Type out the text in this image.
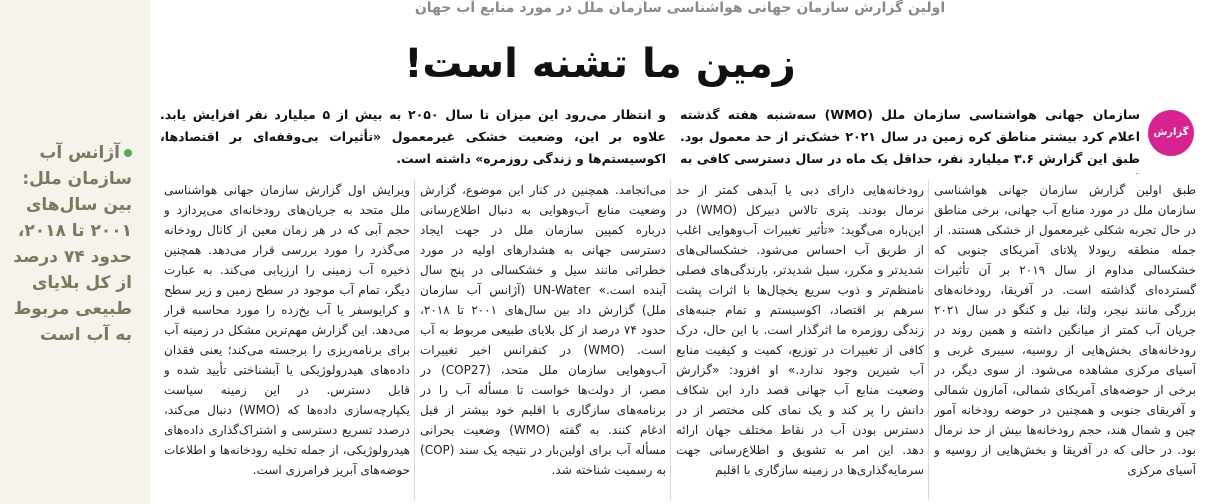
آژانس آب سازمان ملل: بین سال‌های ۲۰۰۱ تا ۲۰۱۸، حدود ۷۴ درصد از کل بلایای طبیعی مربوط به آب است
اولین گزارش سازمان جهانی هواشناسی سازمان ملل در مورد منابع آب جهان
زمین ما تشنه است!
گزارش
سازمان جهانی هواشناسی سازمان ملل (WMO) سه‌شنبه هفته گذشته اعلام کرد بیشتر مناطق کره زمین در سال ۲۰۲۱ خشک‌تر از حد معمول بود. طبق این گزارش ۳.۶ میلیارد نفر، حداقل یک ماه در سال دسترسی کافی به
و انتظار می‌رود این میزان تا سال ۲۰۵۰ به بیش از ۵ میلیارد نفر افزایش یابد. علاوه بر این، وضعیت خشکی غیرمعمول «تأثیرات بی‌وقفه‌ای بر اقتصادها، اکوسیستم‌ها و زندگی روزمره» داشته است.
طبق اولین گزارش سازمان جهانی هواشناسی سازمان ملل در مورد منابع آب جهانی، برخی مناطق در حال تجربه شکلی غیرمعمول از خشکی هستند. از جمله منطقه ریودلا پلاتای آمریکای جنوبی که خشکسالی مداوم از سال ۲۰۱۹ بر آن تأثیرات گسترده‌ای گذاشته است. در آفریقا، رودخانه‌های بزرگی مانند نیجر، ولتا، نیل و کنگو در سال ۲۰۲۱ جریان آب کمتر از میانگین داشته و همین روند در رودخانه‌های بخش‌هایی از روسیه، سیبری غربی و آسیای مرکزی مشاهده می‌شود. از سوی دیگر، در برخی از حوضه‌های آمریکای شمالی، آمازون شمالی و آفریقای جنوبی و همچنین در حوضه رودخانه آمور چین و شمال هند، حجم رودخانه‌ها بیش از حد نرمال بود. در حالی که در آفریقا و بخش‌هایی از روسیه و آسیای مرکزی
رودخانه‌هایی دارای دبی یا آبدهی کمتر از حد نرمال بودند. پتری تالاس دبیرکل (WMO) در این‌باره می‌گوید: «تأثیر تغییرات آب‌وهوایی اغلب از طریق آب احساس می‌شود. خشکسالی‌های شدیدتر و مکرر، سیل شدیدتر، بارندگی‌های فصلی نامنظم‌تر و ذوب سریع یخچال‌ها با اثرات پشت سرهم بر اقتصاد، اکوسیستم و تمام جنبه‌های زندگی روزمره ما اثرگذار است. با این حال، درک کافی از تغییرات در توزیع، کمیت و کیفیت منابع آب شیرین وجود ندارد.» او افزود: «گزارش وضعیت منابع آب جهانی قصد دارد این شکاف دانش را پر کند و یک نمای کلی مختصر از در دسترس بودن آب در نقاط مختلف جهان ارائه دهد. این امر به تشویق و اطلاع‌رسانی جهت سرمایه‌گذاری‌ها در زمینه سازگاری با اقلیم
می‌انجامد. همچنین در کنار این موضوع، گزارش وضعیت منابع آب‌وهوایی به دنبال اطلاع‌رسانی درباره کمپین سازمان ملل در جهت ایجاد دسترسی جهانی به هشدارهای اولیه در مورد خطراتی مانند سیل و خشکسالی در پنج سال آینده است.» UN-Water (آژانس آب سازمان ملل) گزارش داد بین سال‌های ۲۰۰۱ تا ۲۰۱۸، حدود ۷۴ درصد از کل بلایای طبیعی مربوط به آب است. (WMO) در کنفرانس اخیر تغییرات آب‌وهوایی سازمان ملل متحد، (COP27) در مصر، از دولت‌ها خواست تا مسأله آب را در برنامه‌های سازگاری با اقلیم خود بیشتر از قبل ادغام کنند. به گفته (WMO) وضعیت بحرانی مسأله آب برای اولین‌بار در نتیجه یک سند (COP) به رسمیت شناخته شد.
ویرایش اول گزارش سازمان جهانی هواشناسی ملل متحد به جریان‌های رودخانه‌ای می‌پردازد و حجم آبی که در هر زمان معین از کانال رودخانه می‌گذرد را مورد بررسی قرار می‌دهد. همچنین ذخیره آب زمینی را ارزیابی می‌کند. به عبارت دیگر، تمام آب موجود در سطح زمین و زیر سطح و کرایوسفر یا آب یخ‌زده را مورد محاسبه قرار می‌دهد. این گزارش مهم‌ترین مشکل در زمینه آب برای برنامه‌ریزی را برجسته می‌کند؛ یعنی فقدان داده‌های هیدرولوژیکی یا آبشناختی تأیید شده و قابل دسترس. در این زمینه سیاست یکپارچه‌سازی داده‌ها که (WMO) دنبال می‌کند، درصدد تسریع دسترسی و اشتراک‌گذاری داده‌های هیدرولوژیکی، از جمله تخلیه رودخانه‌ها و اطلاعات حوضه‌های آبریز فرامرزی است.
